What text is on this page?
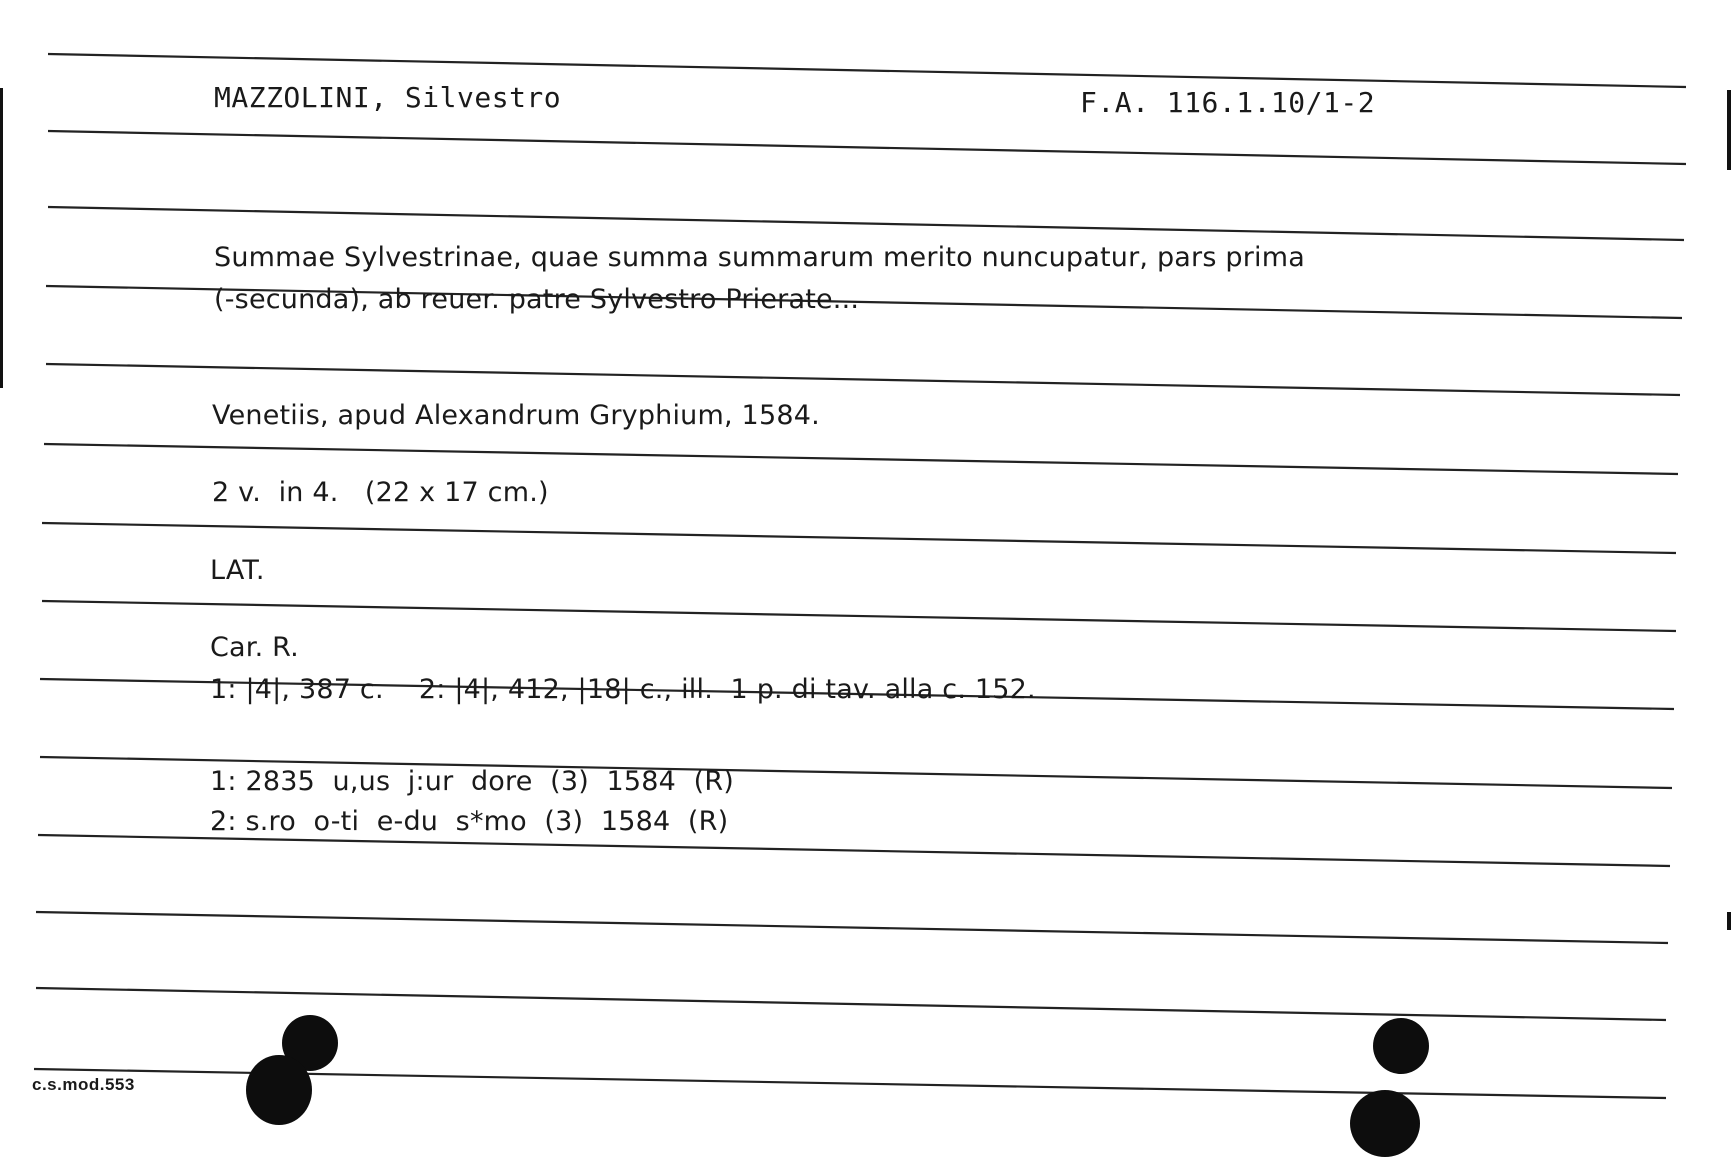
MAZZOLINI, Silvestro	F.A. 116.1.10/1-2
Summae Sylvestrinae, quae summa summarum merito nuncupatur, pars prima
(-secunda), ab reuer. patre Sylvestro Prierate...
Venetiis, apud Alexandrum Gryphium, 1584.
2 v.  in 4.   (22 x 17 cm.)
LAT.
Car. R.
1: |4|, 387 c.    2: |4|, 412, |18| c., ill.  1 p. di tav. alla c. 152.
1: 2835  u,us  j:ur  dore  (3)  1584  (R)
2: s.ro  o-ti  e-du  s*mo  (3)  1584  (R)
c.s.mod.553
